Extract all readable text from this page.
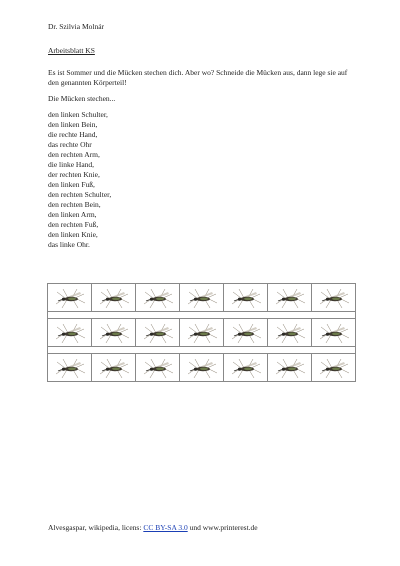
Dr. Szilvia Molnár
Arbeitsblatt KS
Es ist Sommer und die Mücken stechen dich. Aber wo? Schneide die Mücken aus, dann lege sie auf den genannten Körperteil!
Die Mücken stechen...
den linken Schulter,
den linken Bein,
die rechte Hand,
das rechte Ohr
den rechten Arm,
die linke Hand,
der rechten Knie,
den linken Fuß,
den rechten Schulter,
den rechten Bein,
den linken Arm,
den rechten Fuß,
den linken Knie,
das linke Ohr.

Alvesgaspar, wikipedia, licens: CC BY-SA 3.0 und www.printerest.de
